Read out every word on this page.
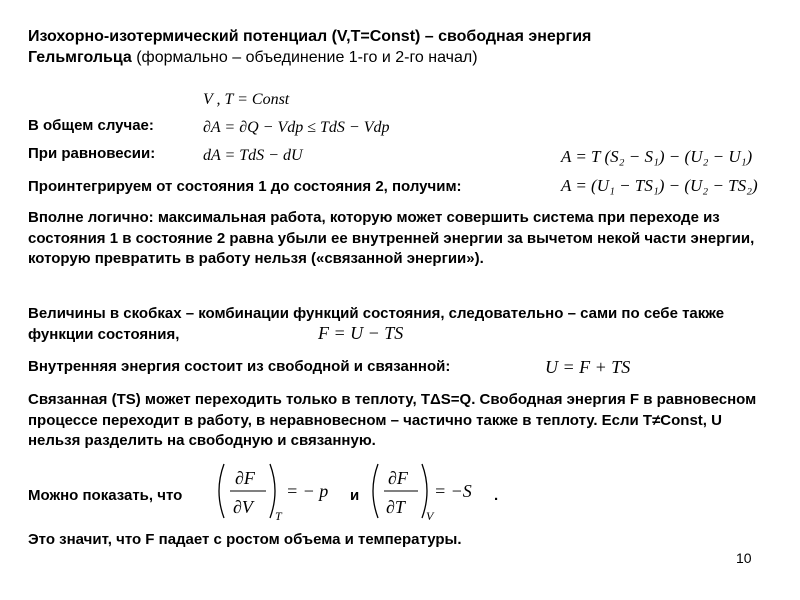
Изохорно-изотермический потенциал (V,T=Const) – свободная энергия
Гельмгольца (формально – объединение 1-го и 2-го начал)
V , T = Const
В общем случае:	∂A = ∂Q − Vdp ≤ TdS − Vdp
При равновесии:	dA = TdS − dU	A = T (S₂ − S₁) − (U₂ − U₁)
Проинтегрируем от состояния 1 до состояния 2, получим:	A = (U₁ − TS₁) − (U₂ − TS₂)
Вполне логично: максимальная работа, которую может совершить система при переходе из состояния 1 в состояние 2 равна убыли ее внутренней энергии за вычетом некой части энергии, которую превратить в работу нельзя («связанной энергии»).
Величины в скобках – комбинации функций состояния, следовательно – сами по себе также функции состояния,	F = U − TS
Внутренняя энергия состоит из свободной и связанной:	U = F + TS
Связанная (TS) может переходить только в теплоту, TΔS=Q. Свободная энергия F в равновесном процессе переходит в работу, в неравновесном – частично также в теплоту. Если T≠Const, U нельзя разделить на свободную и связанную.
Можно показать, что
∂F
∂V T
= − p и
∂F
∂T V
= −S .
Это значит, что F падает с ростом объема и температуры.
10
